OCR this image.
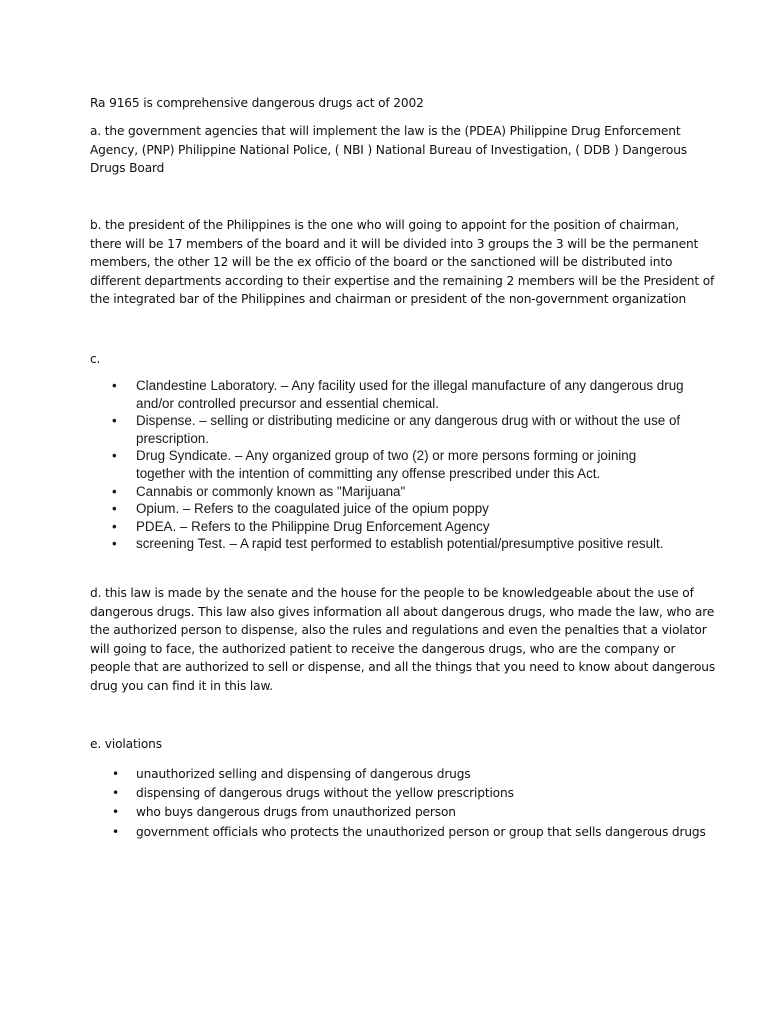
Ra 9165 is comprehensive dangerous drugs act of 2002
a. the government agencies that will implement the law is the (PDEA) Philippine Drug Enforcement
Agency, (PNP) Philippine National Police, ( NBI ) National Bureau of Investigation, ( DDB ) Dangerous
Drugs Board
b. the president of the Philippines is the one who will going to appoint for the position of chairman,
there will be 17 members of the board and it will be divided into 3 groups the 3 will be the permanent
members, the other 12 will be the ex officio of the board or the sanctioned will be distributed into
different departments according to their expertise and the remaining 2 members will be the President of
the integrated bar of the Philippines and chairman or president of the non-government organization
c.
• Clandestine Laboratory. – Any facility used for the illegal manufacture of any dangerous drug
and/or controlled precursor and essential chemical.
• Dispense. – selling or distributing medicine or any dangerous drug with or without the use of
prescription.
• Drug Syndicate. – Any organized group of two (2) or more persons forming or joining
together with the intention of committing any offense prescribed under this Act.
• Cannabis or commonly known as "Marijuana"
• Opium. – Refers to the coagulated juice of the opium poppy
• PDEA. – Refers to the Philippine Drug Enforcement Agency
• screening Test. – A rapid test performed to establish potential/presumptive positive result.
d. this law is made by the senate and the house for the people to be knowledgeable about the use of
dangerous drugs. This law also gives information all about dangerous drugs, who made the law, who are
the authorized person to dispense, also the rules and regulations and even the penalties that a violator
will going to face, the authorized patient to receive the dangerous drugs, who are the company or
people that are authorized to sell or dispense, and all the things that you need to know about dangerous
drug you can find it in this law.
e. violations
• unauthorized selling and dispensing of dangerous drugs
• dispensing of dangerous drugs without the yellow prescriptions
• who buys dangerous drugs from unauthorized person
• government officials who protects the unauthorized person or group that sells dangerous drugs
